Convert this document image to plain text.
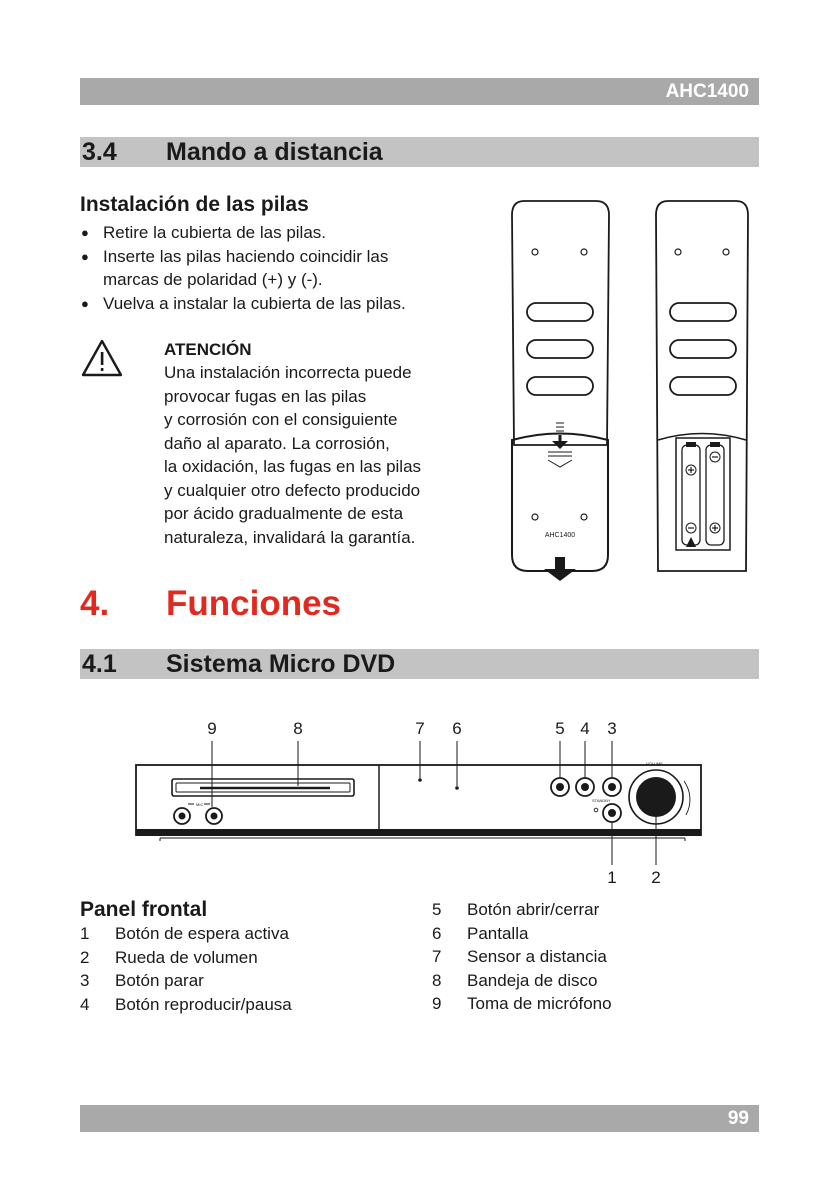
AHC1400
3.4 Mando a distancia
Instalación de las pilas
● Retire la cubierta de las pilas.
● Inserte las pilas haciendo coincidir las
marcas de polaridad (+) y (-).
● Vuelva a instalar la cubierta de las pilas.
ATENCIÓN
Una instalación incorrecta puede
provocar fugas en las pilas
y corrosión con el consiguiente
daño al aparato. La corrosión,
la oxidación, las fugas en las pilas
y cualquier otro defecto producido
por ácido gradualmente de esta
naturaleza, invalidará la garantía.	AHC1400
4. Funciones
4.1 Sistema Micro DVD
9	8	7 6	5 4 3
1 2
VOLUME
STANDBY
MIC
Panel frontal
1 Botón de espera activa
2 Rueda de volumen
3 Botón parar
4 Botón reproducir/pausa
5 Botón abrir/cerrar
6 Pantalla
7 Sensor a distancia
8 Bandeja de disco
9 Toma de micrófono
99
